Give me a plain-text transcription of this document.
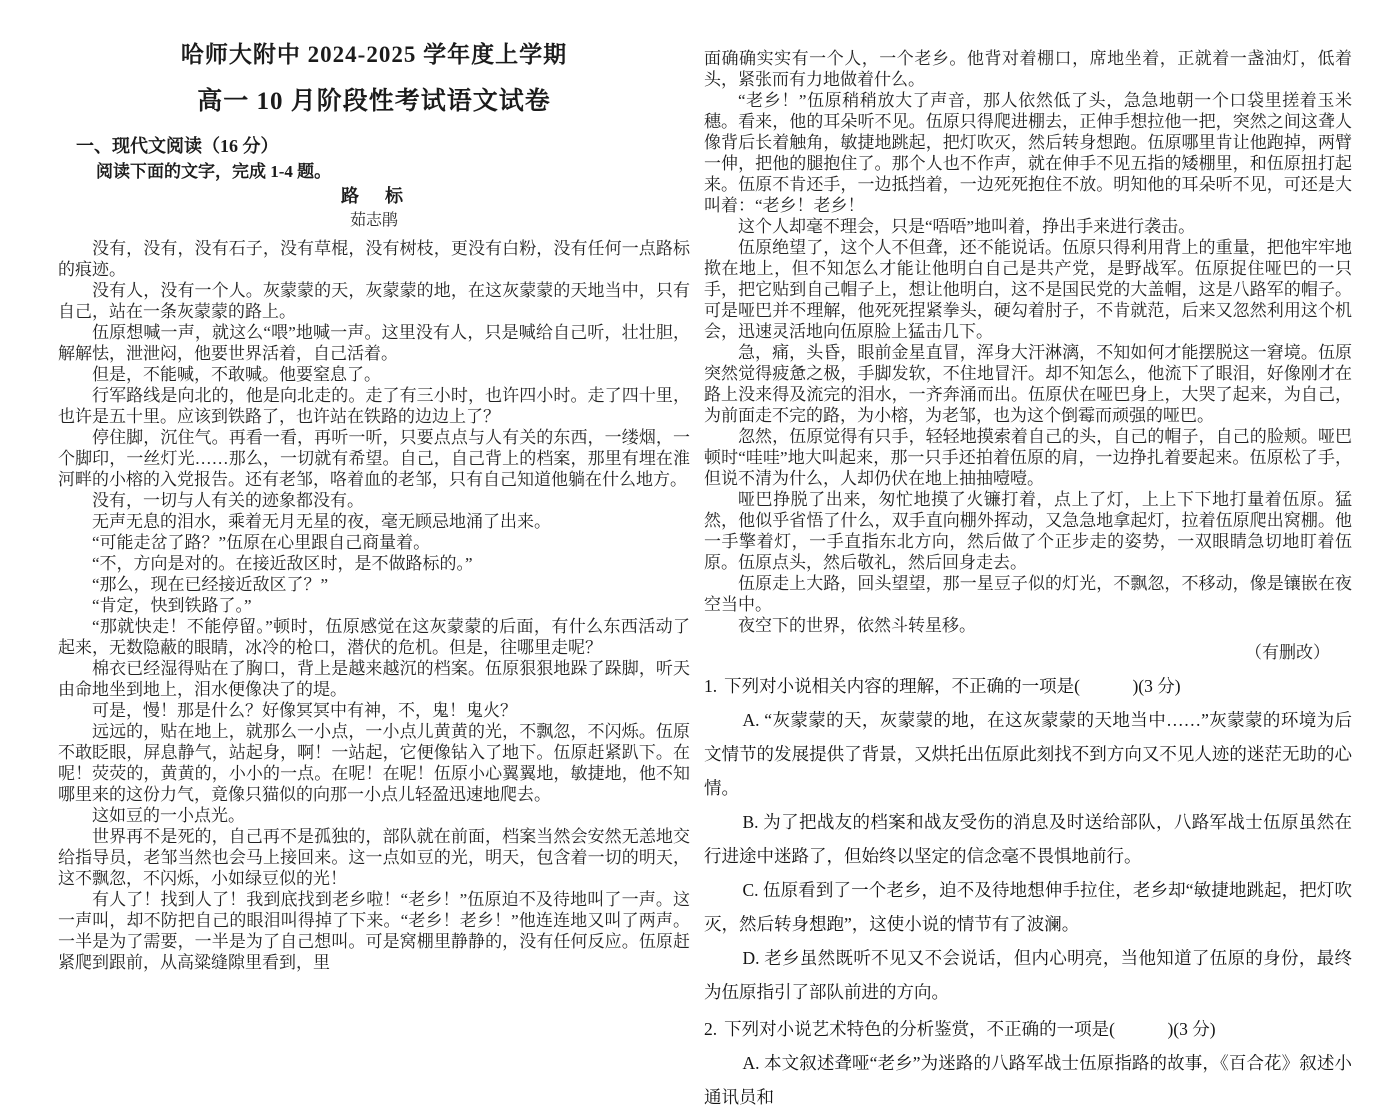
哈师大附中 2024-2025 学年度上学期
高一 10 月阶段性考试语文试卷
一、现代文阅读（16 分）
阅读下面的文字，完成 1-4 题。
路　标
茹志鹃

没有，没有，没有石子，没有草棍，没有树枝，更没有白粉，没有任何一点路标的痕迹。

没有人，没有一个人。灰蒙蒙的天，灰蒙蒙的地，在这灰蒙蒙的天地当中，只有自己，站在一条灰蒙蒙的路上。

伍原想喊一声，就这么“喂”地喊一声。这里没有人，只是喊给自己听，壮壮胆，解解怯，泄泄闷，他要世界活着，自己活着。

但是，不能喊，不敢喊。他要窒息了。

行军路线是向北的，他是向北走的。走了有三小时，也许四小时。走了四十里，也许是五十里。应该到铁路了，也许站在铁路的边边上了？

停住脚，沉住气。再看一看，再听一听，只要点点与人有关的东西，一缕烟，一个脚印，一丝灯光……那么，一切就有希望。自己，自己背上的档案，那里有埋在淮河畔的小榕的入党报告。还有老邹，咯着血的老邹，只有自己知道他躺在什么地方。

没有，一切与人有关的迹象都没有。

无声无息的泪水，乘着无月无星的夜，毫无顾忌地涌了出来。

“可能走岔了路？”伍原在心里跟自己商量着。

“不，方向是对的。在接近敌区时，是不做路标的。”

“那么，现在已经接近敌区了？”

“肯定，快到铁路了。”

“那就快走！不能停留。”顿时，伍原感觉在这灰蒙蒙的后面，有什么东西活动了起来，无数隐蔽的眼睛，冰冷的枪口，潜伏的危机。但是，往哪里走呢？

棉衣已经湿得贴在了胸口，背上是越来越沉的档案。伍原狠狠地跺了跺脚，听天由命地坐到地上，泪水便像决了的堤。

可是，慢！那是什么？好像冥冥中有神，不，鬼！鬼火？

远远的，贴在地上，就那么一小点，一小点儿黄黄的光，不飘忽，不闪烁。伍原不敢眨眼，屏息静气，站起身，啊！一站起，它便像钻入了地下。伍原赶紧趴下。在呢！荧荧的，黄黄的，小小的一点。在呢！在呢！伍原小心翼翼地，敏捷地，他不知哪里来的这份力气，竟像只猫似的向那一小点儿轻盈迅速地爬去。

这如豆的一小点光。

世界再不是死的，自己再不是孤独的，部队就在前面，档案当然会安然无恙地交给指导员，老邹当然也会马上接回来。这一点如豆的光，明天，包含着一切的明天，这不飘忽，不闪烁，小如绿豆似的光！

有人了！找到人了！我到底找到老乡啦！“老乡！”伍原迫不及待地叫了一声。这一声叫，却不防把自己的眼泪叫得掉了下来。“老乡！老乡！”他连连地又叫了两声。一半是为了需要，一半是为了自己想叫。可是窝棚里静静的，没有任何反应。伍原赶紧爬到跟前，从高粱缝隙里看到，里

面确确实实有一个人，一个老乡。他背对着棚口，席地坐着，正就着一盏油灯，低着头，紧张而有力地做着什么。

“老乡！”伍原稍稍放大了声音，那人依然低了头，急急地朝一个口袋里搓着玉米穗。看来，他的耳朵听不见。伍原只得爬进棚去，正伸手想拉他一把，突然之间这聋人像背后长着触角，敏捷地跳起，把灯吹灭，然后转身想跑。伍原哪里肯让他跑掉，两臂一伸，把他的腿抱住了。那个人也不作声，就在伸手不见五指的矮棚里，和伍原扭打起来。伍原不肯还手，一边抵挡着，一边死死抱住不放。明知他的耳朵听不见，可还是大叫着：“老乡！老乡！

这个人却毫不理会，只是“唔唔”地叫着，挣出手来进行袭击。

伍原绝望了，这个人不但聋，还不能说话。伍原只得利用背上的重量，把他牢牢地揿在地上，但不知怎么才能让他明白自己是共产党，是野战军。伍原捉住哑巴的一只手，把它贴到自己帽子上，想让他明白，这不是国民党的大盖帽，这是八路军的帽子。可是哑巴并不理解，他死死捏紧拳头，硬勾着肘子，不肯就范，后来又忽然利用这个机会，迅速灵活地向伍原脸上猛击几下。

急，痛，头昏，眼前金星直冒，浑身大汗淋漓，不知如何才能摆脱这一窘境。伍原突然觉得疲惫之极，手脚发软，不住地冒汗。却不知怎么，他流下了眼泪，好像刚才在路上没来得及流完的泪水，一齐奔涌而出。伍原伏在哑巴身上，大哭了起来，为自己，为前面走不完的路，为小榕，为老邹，也为这个倒霉而顽强的哑巴。

忽然，伍原觉得有只手，轻轻地摸索着自己的头，自己的帽子，自己的脸颊。哑巴顿时“哇哇”地大叫起来，那一只手还拍着伍原的肩，一边挣扎着要起来。伍原松了手，但说不清为什么，人却仍伏在地上抽抽噎噎。

哑巴挣脱了出来，匆忙地摸了火镰打着，点上了灯，上上下下地打量着伍原。猛然，他似乎省悟了什么，双手直向棚外挥动，又急急地拿起灯，拉着伍原爬出窝棚。他一手擎着灯，一手直指东北方向，然后做了个正步走的姿势，一双眼睛急切地盯着伍原。伍原点头，然后敬礼，然后回身走去。

伍原走上大路，回头望望，那一星豆子似的灯光，不飘忽，不移动，像是镶嵌在夜空当中。

夜空下的世界，依然斗转星移。

（有删改）

1. 下列对小说相关内容的理解，不正确的一项是(　　　)(3 分)

A. “灰蒙蒙的天，灰蒙蒙的地，在这灰蒙蒙的天地当中……”灰蒙蒙的环境为后文情节的发展提供了背景，又烘托出伍原此刻找不到方向又不见人迹的迷茫无助的心情。

B. 为了把战友的档案和战友受伤的消息及时送给部队，八路军战士伍原虽然在行进途中迷路了，但始终以坚定的信念毫不畏惧地前行。

C. 伍原看到了一个老乡，迫不及待地想伸手拉住，老乡却“敏捷地跳起，把灯吹灭，然后转身想跑”，这使小说的情节有了波澜。

D. 老乡虽然既听不见又不会说话，但内心明亮，当他知道了伍原的身份，最终为伍原指引了部队前进的方向。

2. 下列对小说艺术特色的分析鉴赏，不正确的一项是(　　　)(3 分)

A. 本文叙述聋哑“老乡”为迷路的八路军战士伍原指路的故事，《百合花》叙述小通讯员和
